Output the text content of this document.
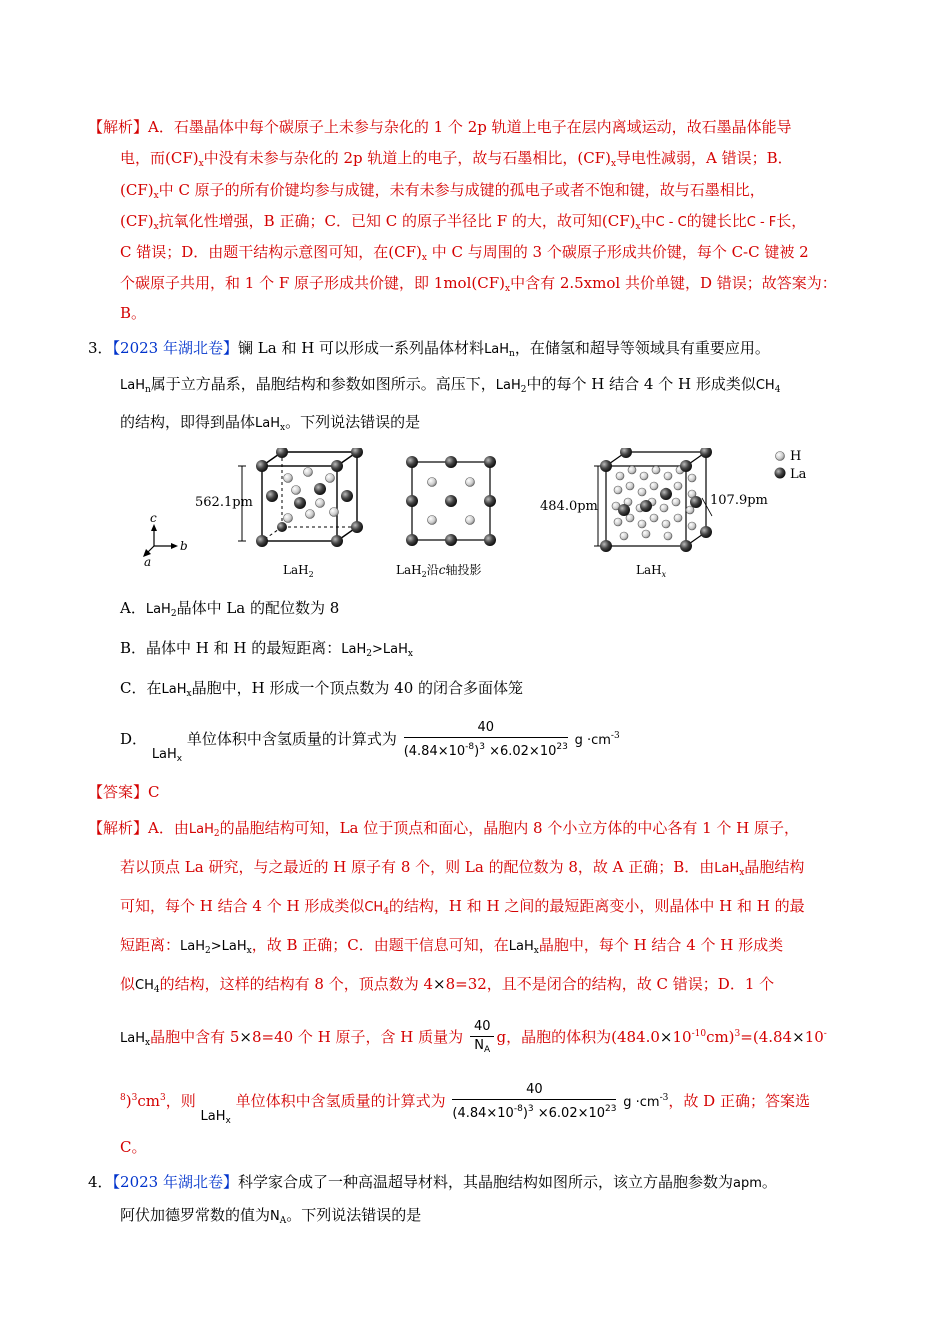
【解析】A．石墨晶体中每个碳原子上未参与杂化的 1 个 2p 轨道上电子在层内离域运动，故石墨晶体能导
电，而$(CF)_x$中没有未参与杂化的 2p 轨道上的电子，故与石墨相比，$(CF)_x$导电性减弱，A 错误；B．
$(CF)_x$中 C 原子的所有价键均参与成键，未有未参与成键的孤电子或者不饱和键，故与石墨相比，
$(CF)_x$抗氧化性增强，B 正确；C．已知 C 的原子半径比 F 的大，故可知$(CF)_x$中C - C的键长比C - F长，
C 错误；D．由题干结构示意图可知，在$(CF)_x$ 中 C 与周围的 3 个碳原子形成共价键，每个 C-C 键被 2
个碳原子共用，和 1 个 F 原子形成共价键，即 $1mol(CF)_x$中含有 2.5xmol 共价单键，D 错误；故答案为：
B。
3．【2023 年湖北卷】镧 La 和 H 可以形成一系列晶体材料LaH$_n$，在储氢和超导等领域具有重要应用。
LaH$_n$属于立方晶系，晶胞结构和参数如图所示。高压下，LaH$_2$中的每个 H 结合 4 个 H 形成类似$CH_4$
的结构，即得到晶体LaH$_x$。下列说法错误的是
c
b
a
562.1pm
LaH$_2$	LaH$_2$沿c轴投影
484.0pm	107.9pm
LaH$_x$
H
La
A．LaH$_2$晶体中 La 的配位数为 8
B．晶体中 H 和 H 的最短距离：LaH$_2$>LaH$_x$
C．在LaH$_x$晶胞中，H 形成一个顶点数为 40 的闭合多面体笼
D． LaH$_x$ 单位体积中含氢质量的计算式为 $\frac{40}{(4.84\times 10^{-8})^3 \times 6.02\times 10^{23}}$ $g \cdot cm^{-3}$
【答案】C
【解析】A．由LaH$_2$的晶胞结构可知，La 位于顶点和面心，晶胞内 8 个小立方体的中心各有 1 个 H 原子，
若以顶点 La 研究，与之最近的 H 原子有 8 个，则 La 的配位数为 8，故 A 正确；B．由LaH$_x$晶胞结构
可知，每个 H 结合 4 个 H 形成类似$CH_4$的结构，H 和 H 之间的最短距离变小，则晶体中 H 和 H 的最
短距离：LaH$_2$>LaH$_x$，故 B 正确；C．由题干信息可知，在LaH$_x$晶胞中，每个 H 结合 4 个 H 形成类
似$CH_4$的结构，这样的结构有 8 个，顶点数为 4×8=32，且不是闭合的结构，故 C 错误；D．1 个
LaH$_x$晶胞中含有 5×8=40 个 H 原子，含 H 质量为 $\frac{40}{N_A}$ g，晶胞的体积为$(484.0\times 10^{-10}cm)^3=(4.84\times 10^-$
$^8)^3cm^3$，则 LaH$_x$ 单位体积中含氢质量的计算式为 $\frac{40}{(4.84\times 10^{-8})^3 \times 6.02\times 10^{23}}$ $g \cdot cm^{-3}$，故 D 正确；答案选
C。
4．【2023 年湖北卷】科学家合成了一种高温超导材料，其晶胞结构如图所示，该立方晶胞参数为apm。
阿伏加德罗常数的值为$N_A$。下列说法错误的是
